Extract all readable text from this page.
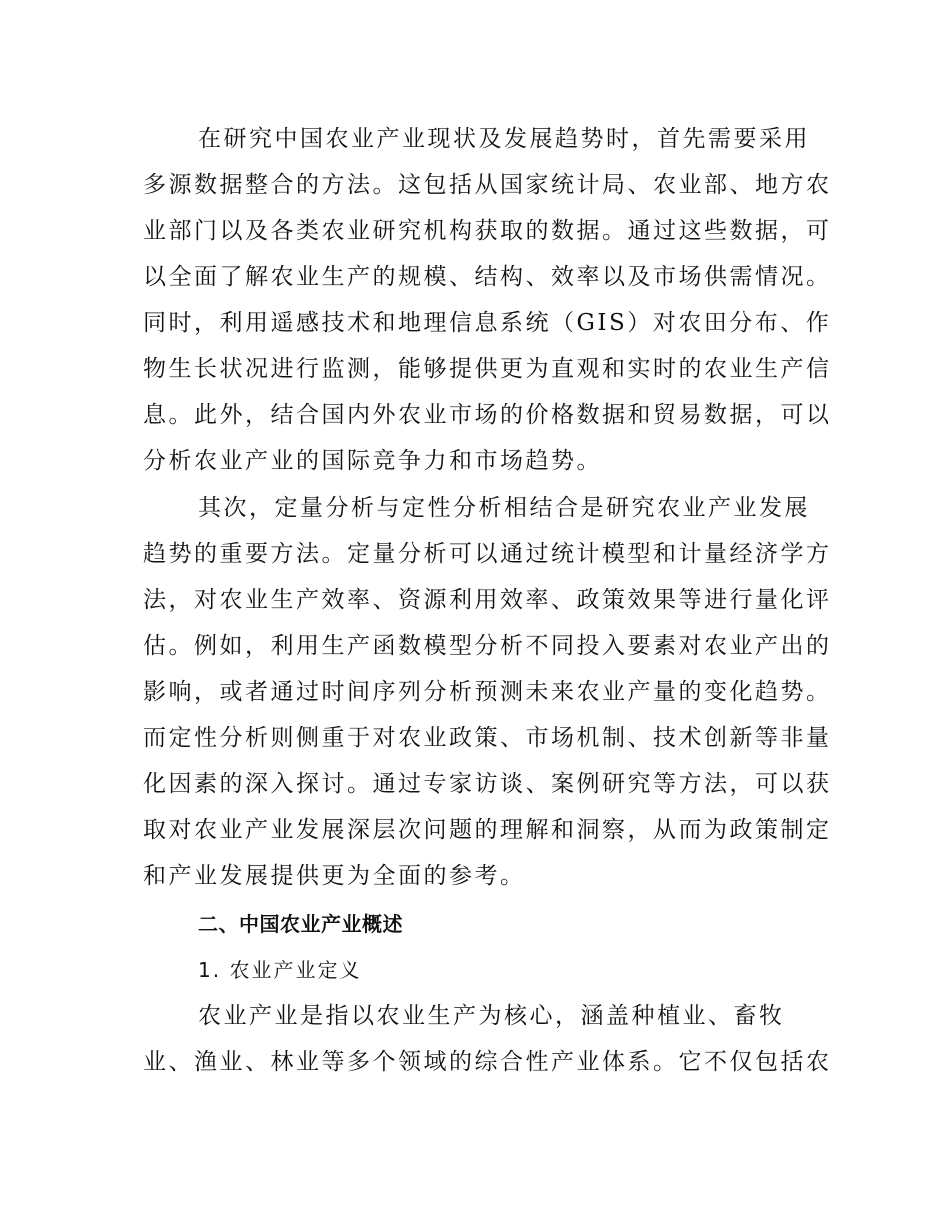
在研究中国农业产业现状及发展趋势时，首先需要采用
多源数据整合的方法。这包括从国家统计局、农业部、地方农
业部门以及各类农业研究机构获取的数据。通过这些数据，可
以全面了解农业生产的规模、结构、效率以及市场供需情况。
同时，利用遥感技术和地理信息系统（GIS）对农田分布、作
物生长状况进行监测，能够提供更为直观和实时的农业生产信
息。此外，结合国内外农业市场的价格数据和贸易数据，可以
分析农业产业的国际竞争力和市场趋势。
其次，定量分析与定性分析相结合是研究农业产业发展
趋势的重要方法。定量分析可以通过统计模型和计量经济学方
法，对农业生产效率、资源利用效率、政策效果等进行量化评
估。例如，利用生产函数模型分析不同投入要素对农业产出的
影响，或者通过时间序列分析预测未来农业产量的变化趋势。
而定性分析则侧重于对农业政策、市场机制、技术创新等非量
化因素的深入探讨。通过专家访谈、案例研究等方法，可以获
取对农业产业发展深层次问题的理解和洞察，从而为政策制定
和产业发展提供更为全面的参考。
二、中国农业产业概述
1. 农业产业定义
农业产业是指以农业生产为核心，涵盖种植业、畜牧
业、渔业、林业等多个领域的综合性产业体系。它不仅包括农
